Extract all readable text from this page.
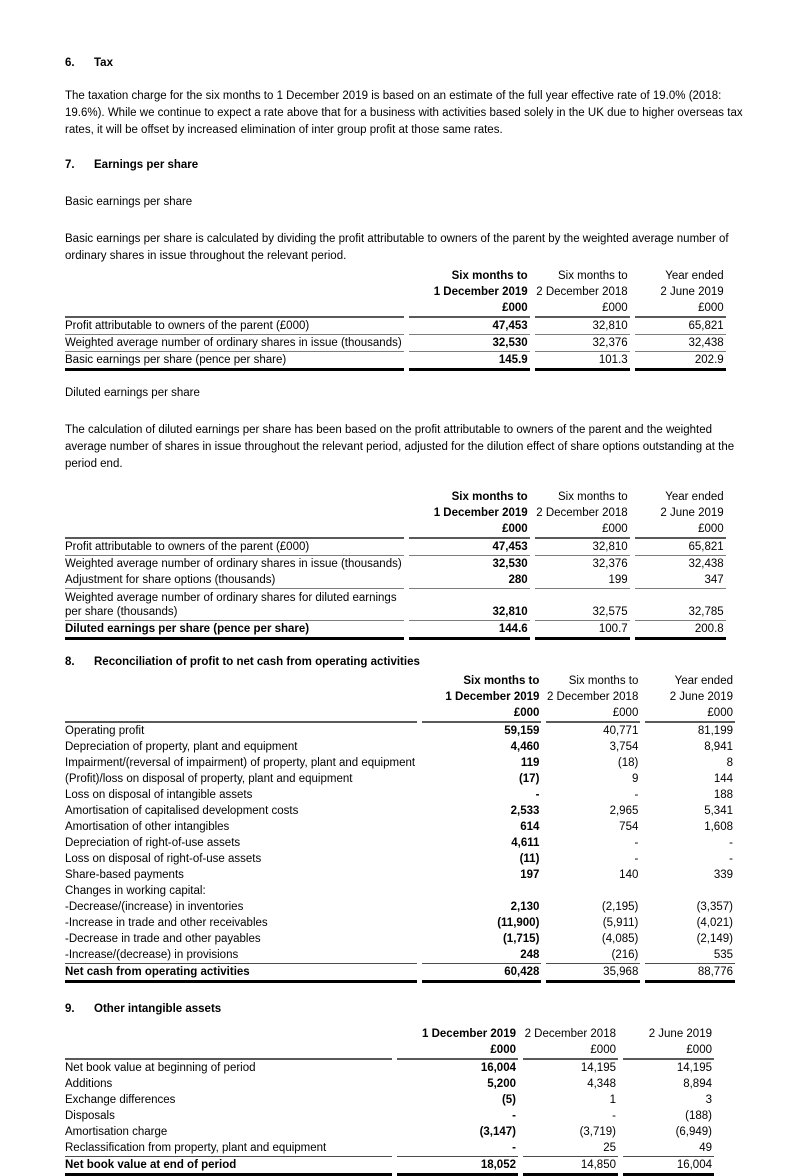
6.	Tax
The taxation charge for the six months to 1 December 2019 is based on an estimate of the full year effective rate of 19.0% (2018:
19.6%). While we continue to expect a rate above that for a business with activities based solely in the UK due to higher overseas tax
rates, it will be offset by increased elimination of inter group profit at those same rates.
7.	Earnings per share
Basic earnings per share
Basic earnings per share is calculated by dividing the profit attributable to owners of the parent by the weighted average number of
ordinary shares in issue throughout the relevant period.
	Six months to	Six months to	Year ended
	1 December 2019	2 December 2018	2 June 2019
	£000	£000	£000
Profit attributable to owners of the parent (£000)	47,453	32,810	65,821
Weighted average number of ordinary shares in issue (thousands)	32,530	32,376	32,438
Basic earnings per share (pence per share)	145.9	101.3	202.9
Diluted earnings per share
The calculation of diluted earnings per share has been based on the profit attributable to owners of the parent and the weighted
average number of shares in issue throughout the relevant period, adjusted for the dilution effect of share options outstanding at the
period end.
	Six months to	Six months to	Year ended
	1 December 2019	2 December 2018	2 June 2019
	£000	£000	£000
Profit attributable to owners of the parent (£000)	47,453	32,810	65,821
Weighted average number of ordinary shares in issue (thousands)	32,530	32,376	32,438
Adjustment for share options (thousands)	280	199	347

Weighted average number of ordinary shares for diluted earnings
per share (thousands)	32,810	32,575	32,785
Diluted earnings per share (pence per share)	144.6	100.7	200.8
8.	Reconciliation of profit to net cash from operating activities
	Six months to	Six months to	Year ended
	1 December 2019	2 December 2018	2 June 2019
	£000	£000	£000
Operating profit	59,159	40,771	81,199
Depreciation of property, plant and equipment	4,460	3,754	8,941
Impairment/(reversal of impairment) of property, plant and equipment	119	(18)	8
(Profit)/loss on disposal of property, plant and equipment	(17)	9	144
Loss on disposal of intangible assets	-	-	188
Amortisation of capitalised development costs	2,533	2,965	5,341
Amortisation of other intangibles	614	754	1,608
Depreciation of right-of-use assets	4,611	-	-
Loss on disposal of right-of-use assets	(11)	-	-
Share-based payments	197	140	339
Changes in working capital:			
-Decrease/(increase) in inventories	2,130	(2,195)	(3,357)
-Increase in trade and other receivables	(11,900)	(5,911)	(4,021)
-Decrease in trade and other payables	(1,715)	(4,085)	(2,149)
-Increase/(decrease) in provisions	248	(216)	535
Net cash from operating activities	60,428	35,968	88,776
9.	Other intangible assets
	1 December 2019	2 December 2018	2 June 2019
	£000	£000	£000
Net book value at beginning of period	16,004	14,195	14,195
Additions	5,200	4,348	8,894
Exchange differences	(5)	1	3
Disposals	-	-	(188)
Amortisation charge	(3,147)	(3,719)	(6,949)
Reclassification from property, plant and equipment	-	25	49
Net book value at end of period	18,052	14,850	16,004
